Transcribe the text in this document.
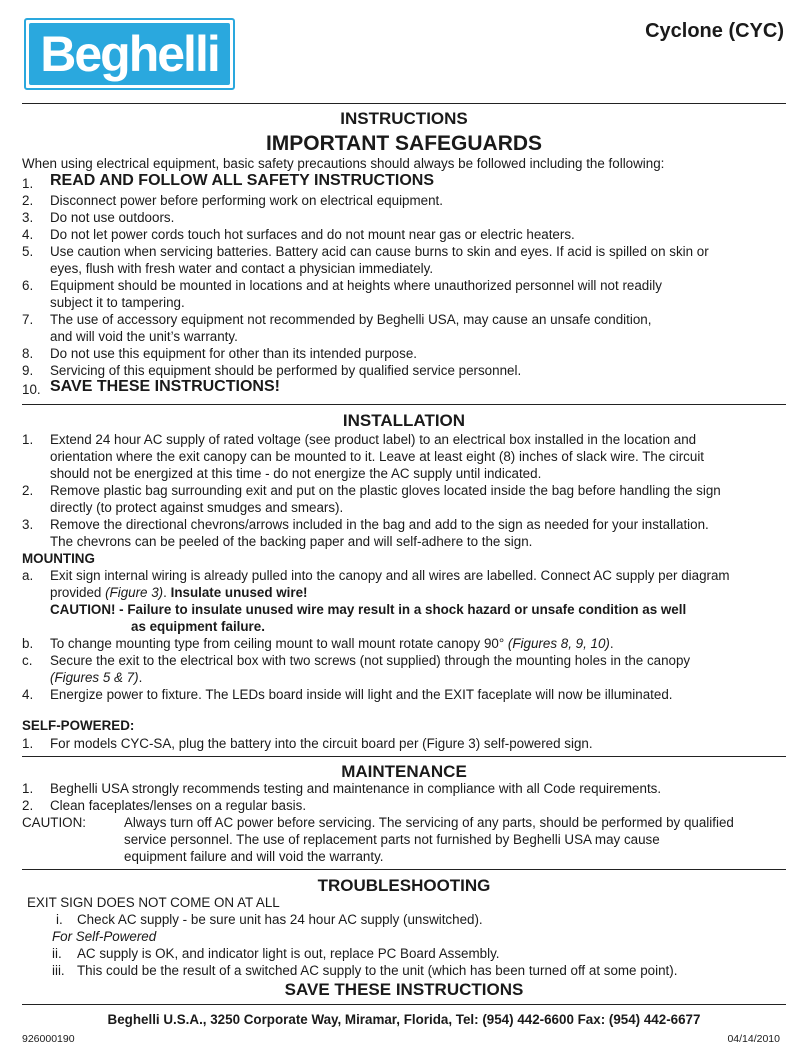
Beghelli	Cyclone (CYC)
INSTRUCTIONS
IMPORTANT SAFEGUARDS
When using electrical equipment, basic safety precautions should always be followed including the following:
1. READ AND FOLLOW ALL SAFETY INSTRUCTIONS
2. Disconnect power before performing work on electrical equipment.
3. Do not use outdoors.
4. Do not let power cords touch hot surfaces and do not mount near gas or electric heaters.
5. Use caution when servicing batteries. Battery acid can cause burns to skin and eyes. If acid is spilled on skin or
eyes, flush with fresh water and contact a physician immediately.
6. Equipment should be mounted in locations and at heights where unauthorized personnel will not readily
subject it to tampering.
7. The use of accessory equipment not recommended by Beghelli USA, may cause an unsafe condition,
and will void the unit’s warranty.
8. Do not use this equipment for other than its intended purpose.
9. Servicing of this equipment should be performed by qualified service personnel.
10. SAVE THESE INSTRUCTIONS!
INSTALLATION
1. Extend 24 hour AC supply of rated voltage (see product label) to an electrical box installed in the location and
orientation where the exit canopy can be mounted to it. Leave at least eight (8) inches of slack wire. The circuit
should not be energized at this time - do not energize the AC supply until indicated.
2. Remove plastic bag surrounding exit and put on the plastic gloves located inside the bag before handling the sign
directly (to protect against smudges and smears).
3. Remove the directional chevrons/arrows included in the bag and add to the sign as needed for your installation.
The chevrons can be peeled of the backing paper and will self-adhere to the sign.
MOUNTING
a. Exit sign internal wiring is already pulled into the canopy and all wires are labelled. Connect AC supply per diagram
provided (Figure 3). Insulate unused wire!
CAUTION! - Failure to insulate unused wire may result in a shock hazard or unsafe condition as well
as equipment failure.
b. To change mounting type from ceiling mount to wall mount rotate canopy 90° (Figures 8, 9, 10).
c. Secure the exit to the electrical box with two screws (not supplied) through the mounting holes in the canopy
(Figures 5 & 7).
4. Energize power to fixture. The LEDs board inside will light and the EXIT faceplate will now be illuminated.
SELF-POWERED:
1. For models CYC-SA, plug the battery into the circuit board per (Figure 3) self-powered sign.
MAINTENANCE
1. Beghelli USA strongly recommends testing and maintenance in compliance with all Code requirements.
2. Clean faceplates/lenses on a regular basis.
CAUTION:	Always turn off AC power before servicing. The servicing of any parts, should be performed by qualified
service personnel. The use of replacement parts not furnished by Beghelli USA may cause
equipment failure and will void the warranty.
TROUBLESHOOTING
EXIT SIGN DOES NOT COME ON AT ALL
i. Check AC supply - be sure unit has 24 hour AC supply (unswitched).
For Self-Powered
ii. AC supply is OK, and indicator light is out, replace PC Board Assembly.
iii. This could be the result of a switched AC supply to the unit (which has been turned off at some point).
SAVE THESE INSTRUCTIONS
Beghelli U.S.A., 3250 Corporate Way, Miramar, Florida, Tel: (954) 442-6600 Fax: (954) 442-6677
926000190	04/14/2010
